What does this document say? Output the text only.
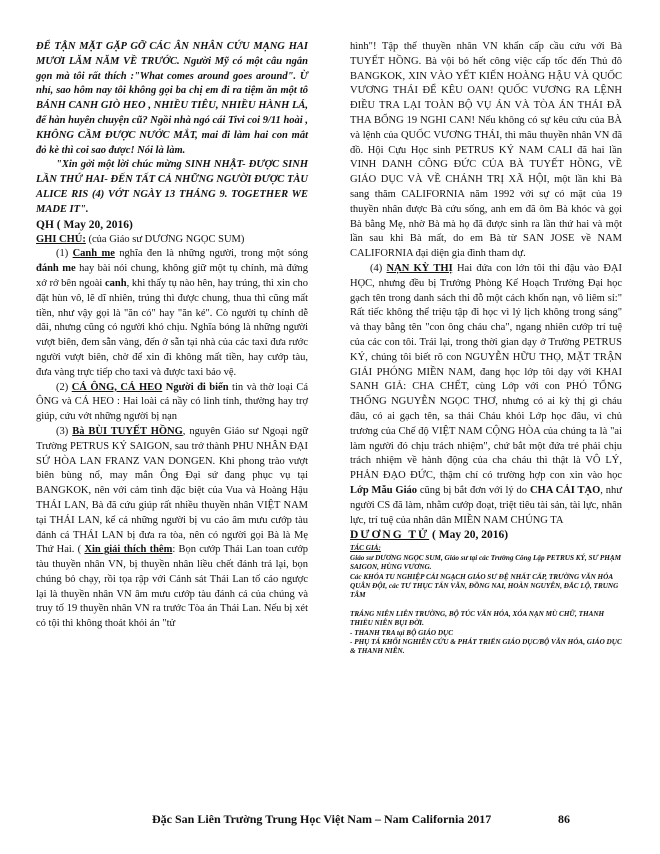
ĐỂ TẬN MẶT GẶP GỠ CÁC ÂN NHÂN CỨU MẠNG HAI MƯƠI LĂM NĂM VỀ TRƯỚC. Người Mỹ có một câu ngắn gọn mà tôi rất thích :"What comes around goes around". Ừ nhỉ, sao hôm nay tôi không gọi ba chị em đi ra tiệm ăn một tô BÁNH CANH GIÒ HEO , NHIỀU TIÊU, NHIỀU HÀNH LÁ, để hàn huyên chuyện cũ? Ngồi nhà ngó cái Tivi coi 9/11 hoài , KHÔNG CẦM ĐƯỢC NƯỚC MẮT, mai đi làm hai con mắt đỏ kè thì coi sao được! Nói là làm.

"Xin gởi một lời chúc mừng SINH NHẬT- ĐƯỢC SINH LẦN THỨ HAI- ĐẾN TẤT CẢ NHỮNG NGƯỜI ĐƯỢC TÀU ALICE RIS (4) VỚT NGÀY 13 THÁNG 9. TOGETHER WE MADE IT".

QH ( May 20, 2016)

GHI CHÚ: (của Giáo sư DƯƠNG NGỌC SUM)

(1) Canh me nghĩa đen là những người, trong một sóng đánh me hay bài nói chung, không giữ một tụ chính, mà đứng xớ rớ bên ngoài canh, khi thấy tụ nào hên, hay trúng, thì xin cho đặt hùn vô, lẽ dĩ nhiên, trúng thì được chung, thua thì cũng mất tiền, như vậy gọi là "ăn có" hay "ăn ké". Cò người tụ chính dễ dãi, nhưng cũng có người khó chịu. Nghĩa bóng là những người vượt biên, đem sẵn vàng, đến ở sẵn tại nhà của các taxi đưa rước người vượt biên, chờ để xin đi không mất tiền, hay cướp tàu, đưa vàng trực tiếp cho taxi và được taxi bảo vệ.

(2) CÁ ÔNG, CÁ HEO Người đi biển tin và thờ loại Cá ÔNG và CÁ HEO : Hai loài cá nầy có linh tính, thường hay trợ giúp, cứu vớt những người bị nạn

(3) Bà BÙI TUYẾT HỒNG, nguyên Giáo sư Ngoại ngữ Trường PETRUS KÝ SAIGON, sau trở thành PHU NHÂN ĐẠI SỨ HÒA LAN FRANZ VAN DONGEN. Khi phong trào vượt biên bùng nổ, may mắn Ông Đại sứ đang phục vụ tại BANGKOK, nên với cảm tình đặc biệt của Vua và Hoàng Hậu THÁI LAN, Bà đã cứu giúp rất nhiều thuyền nhân VIỆT NAM tại THÁI LAN, kể cả những người bị vu cáo âm mưu cướp tàu đánh cá THÁI LAN bị đưa ra tòa, nên có người gọi Bà là Mẹ Thứ Hai. ( Xin giải thích thêm: Bọn cướp Thái Lan toan cướp tàu thuyền nhân VN, bị thuyền nhân liều chết đánh trả lại, bọn chúng bỏ chạy, rồi tọa rập với Cảnh sát Thái Lan tố cáo ngược lại là thuyền nhân VN âm mưu cướp tàu đánh cá của chúng và truy tố 19 thuyền nhân VN ra trước Tòa án Thái Lan. Nếu bị xét có tội thì không thoát khỏi án "tử

hình"! Tập thể thuyền nhân VN khẩn cấp cầu cứu với Bà TUYẾT HỒNG. Bà vội bỏ hết công việc cấp tốc đến Thủ đô BANGKOK, XIN VÀO YẾT KIẾN HOÀNG HẬU VÀ QUỐC VƯƠNG THÁI ĐỂ KÊU OAN! QUỐC VƯƠNG RA LỆNH ĐIỀU TRA LẠI TOÀN BỘ VỤ ÁN VÀ TÒA ÁN THÁI ĐÃ THA BỔNG 19 NGHI CAN! Nếu không có sự kêu cứu của BÀ và lệnh của QUỐC VƯƠNG THÁI, thì mâu thuyền nhân VN đã đồ. Hội Cựu Học sinh PETRUS KÝ NAM CALI đã hai lần VINH DANH CÔNG ĐỨC CỦA BÀ TUYẾT HỒNG, VỀ GIÁO DỤC VÀ VỀ CHÁNH TRỊ XÃ HỘI, một lần khi Bà sang thăm CALIFORNIA năm 1992 với sự có mặt của 19 thuyền nhân được Bà cứu sống, anh em đã ôm Bà khóc và gọi Bà bằng Mẹ, nhờ Bà mà họ đã được sinh ra lần thứ hai và một lần sau khi Bà mất, do em Bà từ SAN JOSE về NAM CALIFORNIA đại diện gia đình tham dự.

(4) NẠN KỲ THỊ Hai đứa con lớn tôi thi đậu vào ĐẠI HỌC, nhưng đều bị Trưởng Phòng Kế Hoạch Trường Đại học gạch tên trong danh sách thi đỗ một cách khốn nạn, vô liêm sỉ:" Rất tiếc không thể triệu tập đi học vì lý lịch không trong sáng" và thay bằng tên "con ông cháu cha", ngang nhiên cướp trí tuệ của các con tôi. Trái lại, trong thời gian dạy ở Trường PETRUS KÝ, chúng tôi biết rõ con NGUYỄN HỮU THỌ, MẶT TRẬN GIẢI PHÓNG MIỀN NAM, đang học lớp tôi dạy với KHAI SANH GIẢ: CHA CHẾT, cùng Lớp với con PHÓ TỔNG THỐNG NGUYỄN NGỌC THƠ, nhưng có ai kỳ thị gì cháu đâu, có ai gạch tên, sa thải Cháu khỏi Lớp học đâu, vì chủ trương của Chế độ VIỆT NAM CỘNG HÒA của chúng ta là "ai làm người đó chịu trách nhiệm", chứ bắt một đứa trẻ phải chịu trách nhiệm về hành động của cha cháu thì thật là VÔ LÝ, PHẢN ĐẠO ĐỨC, thậm chí có trường hợp con xin vào học Lớp Mẫu Giáo cũng bị bắt đơn với lý do CHA CẢI TẠO, như người CS đã làm, nhằm cướp đoạt, triệt tiêu tài sản, tài lực, nhân lực, trí tuệ của nhân dân MIỀN NAM CHÚNG TA

DƯƠNG TỬ ( May 20, 2016)

TÁC GIẢ:

Giáo sư DƯƠNG NGỌC SUM, Giáo sư tại các Trường Công Lập PETRUS KÝ, SƯ PHẠM SAIGON, HÙNG VƯƠNG.

Các KHÓA TU NGHIỆP CẢI NGẠCH GIÁO SƯ ĐỆ NHẤT CẤP, TRƯỜNG VĂN HÓA QUÂN ĐỘI, các TƯ THỤC TẤN VĂN, ĐỒNG NAI, HOÀN NGUYÊN, ĐẮC LỘ, TRUNG TÂM

TRÁNG NIÊN LIÊN TRƯỜNG, BỘ TÚC VĂN HÓA, XÓA NẠN MÙ CHỮ, THANH THIẾU NIÊN BỤI ĐỜI.

- THANH TRA tại BỘ GIÁO DỤC

- PHỤ TÁ KHỐI NGHIÊN CỨU & PHÁT TRIỂN GIÁO DỤC/BỘ VĂN HÓA, GIÁO DỤC & THANH NIÊN.

Đặc San Liên Trường Trung Học Việt Nam – Nam California 2017	86
